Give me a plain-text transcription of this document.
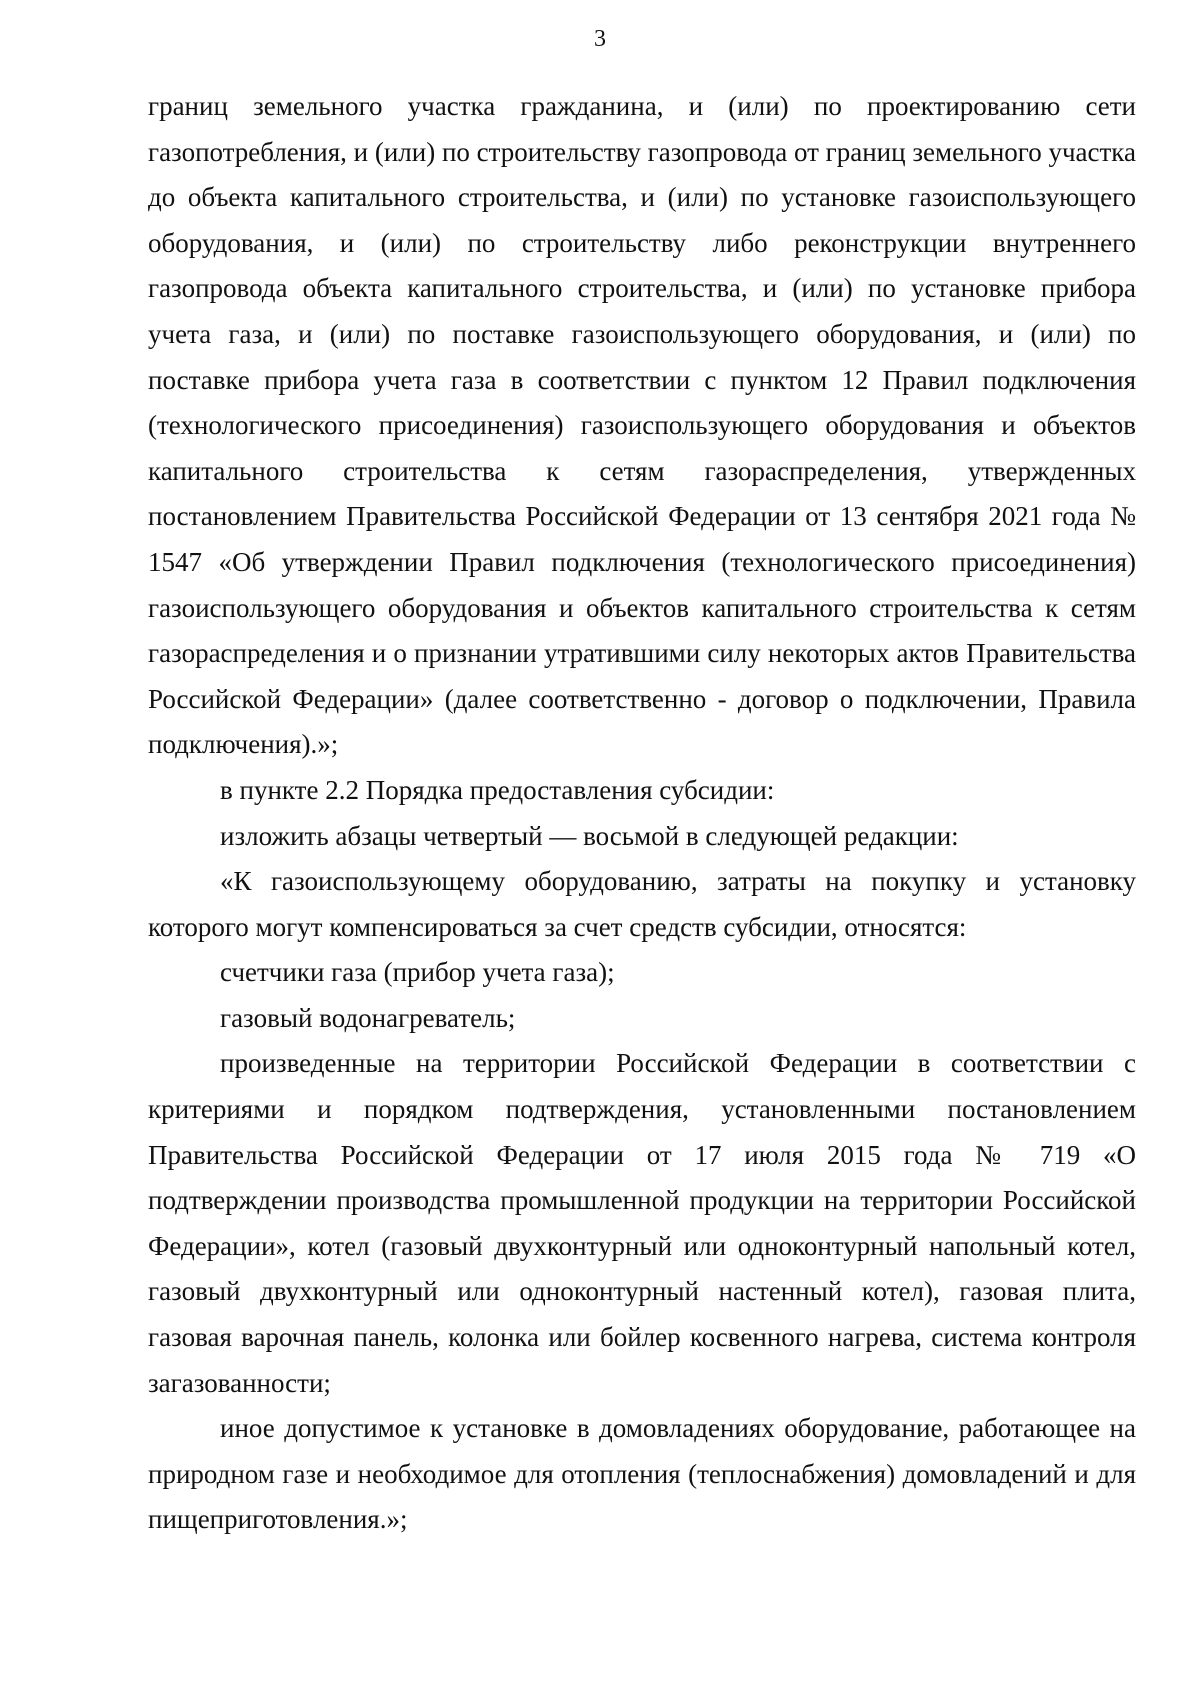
3

границ земельного участка гражданина, и (или) по проектированию сети газопотребления, и (или) по строительству газопровода от границ земельного участка до объекта капитального строительства, и (или) по установке газоиспользующего оборудования, и (или) по строительству либо реконструкции внутреннего газопровода объекта капитального строительства, и (или) по установке прибора учета газа, и (или) по поставке газоиспользующего оборудования, и (или) по поставке прибора учета газа в соответствии с пунктом 12 Правил подключения (технологического присоединения) газоиспользующего оборудования и объектов капитального строительства к сетям газораспределения, утвержденных постановлением Правительства Российской Федерации от 13 сентября 2021 года № 1547 «Об утверждении Правил подключения (технологического присоединения) газоиспользующего оборудования и объектов капитального строительства к сетям газораспределения и о признании утратившими силу некоторых актов Правительства Российской Федерации» (далее соответственно - договор о подключении, Правила подключения).»;

в пункте 2.2 Порядка предоставления субсидии:

изложить абзацы четвертый — восьмой в следующей редакции:

«К газоиспользующему оборудованию, затраты на покупку и установку которого могут компенсироваться за счет средств субсидии, относятся:

счетчики газа (прибор учета газа);

газовый водонагреватель;

произведенные на территории Российской Федерации в соответствии с критериями и порядком подтверждения, установленными постановлением Правительства Российской Федерации от 17 июля 2015 года № 719 «О подтверждении производства промышленной продукции на территории Российской Федерации», котел (газовый двухконтурный или одноконтурный напольный котел, газовый двухконтурный или одноконтурный настенный котел), газовая плита, газовая варочная панель, колонка или бойлер косвенного нагрева, система контроля загазованности;

иное допустимое к установке в домовладениях оборудование, работающее на природном газе и необходимое для отопления (теплоснабжения) домовладений и для пищеприготовления.»;
